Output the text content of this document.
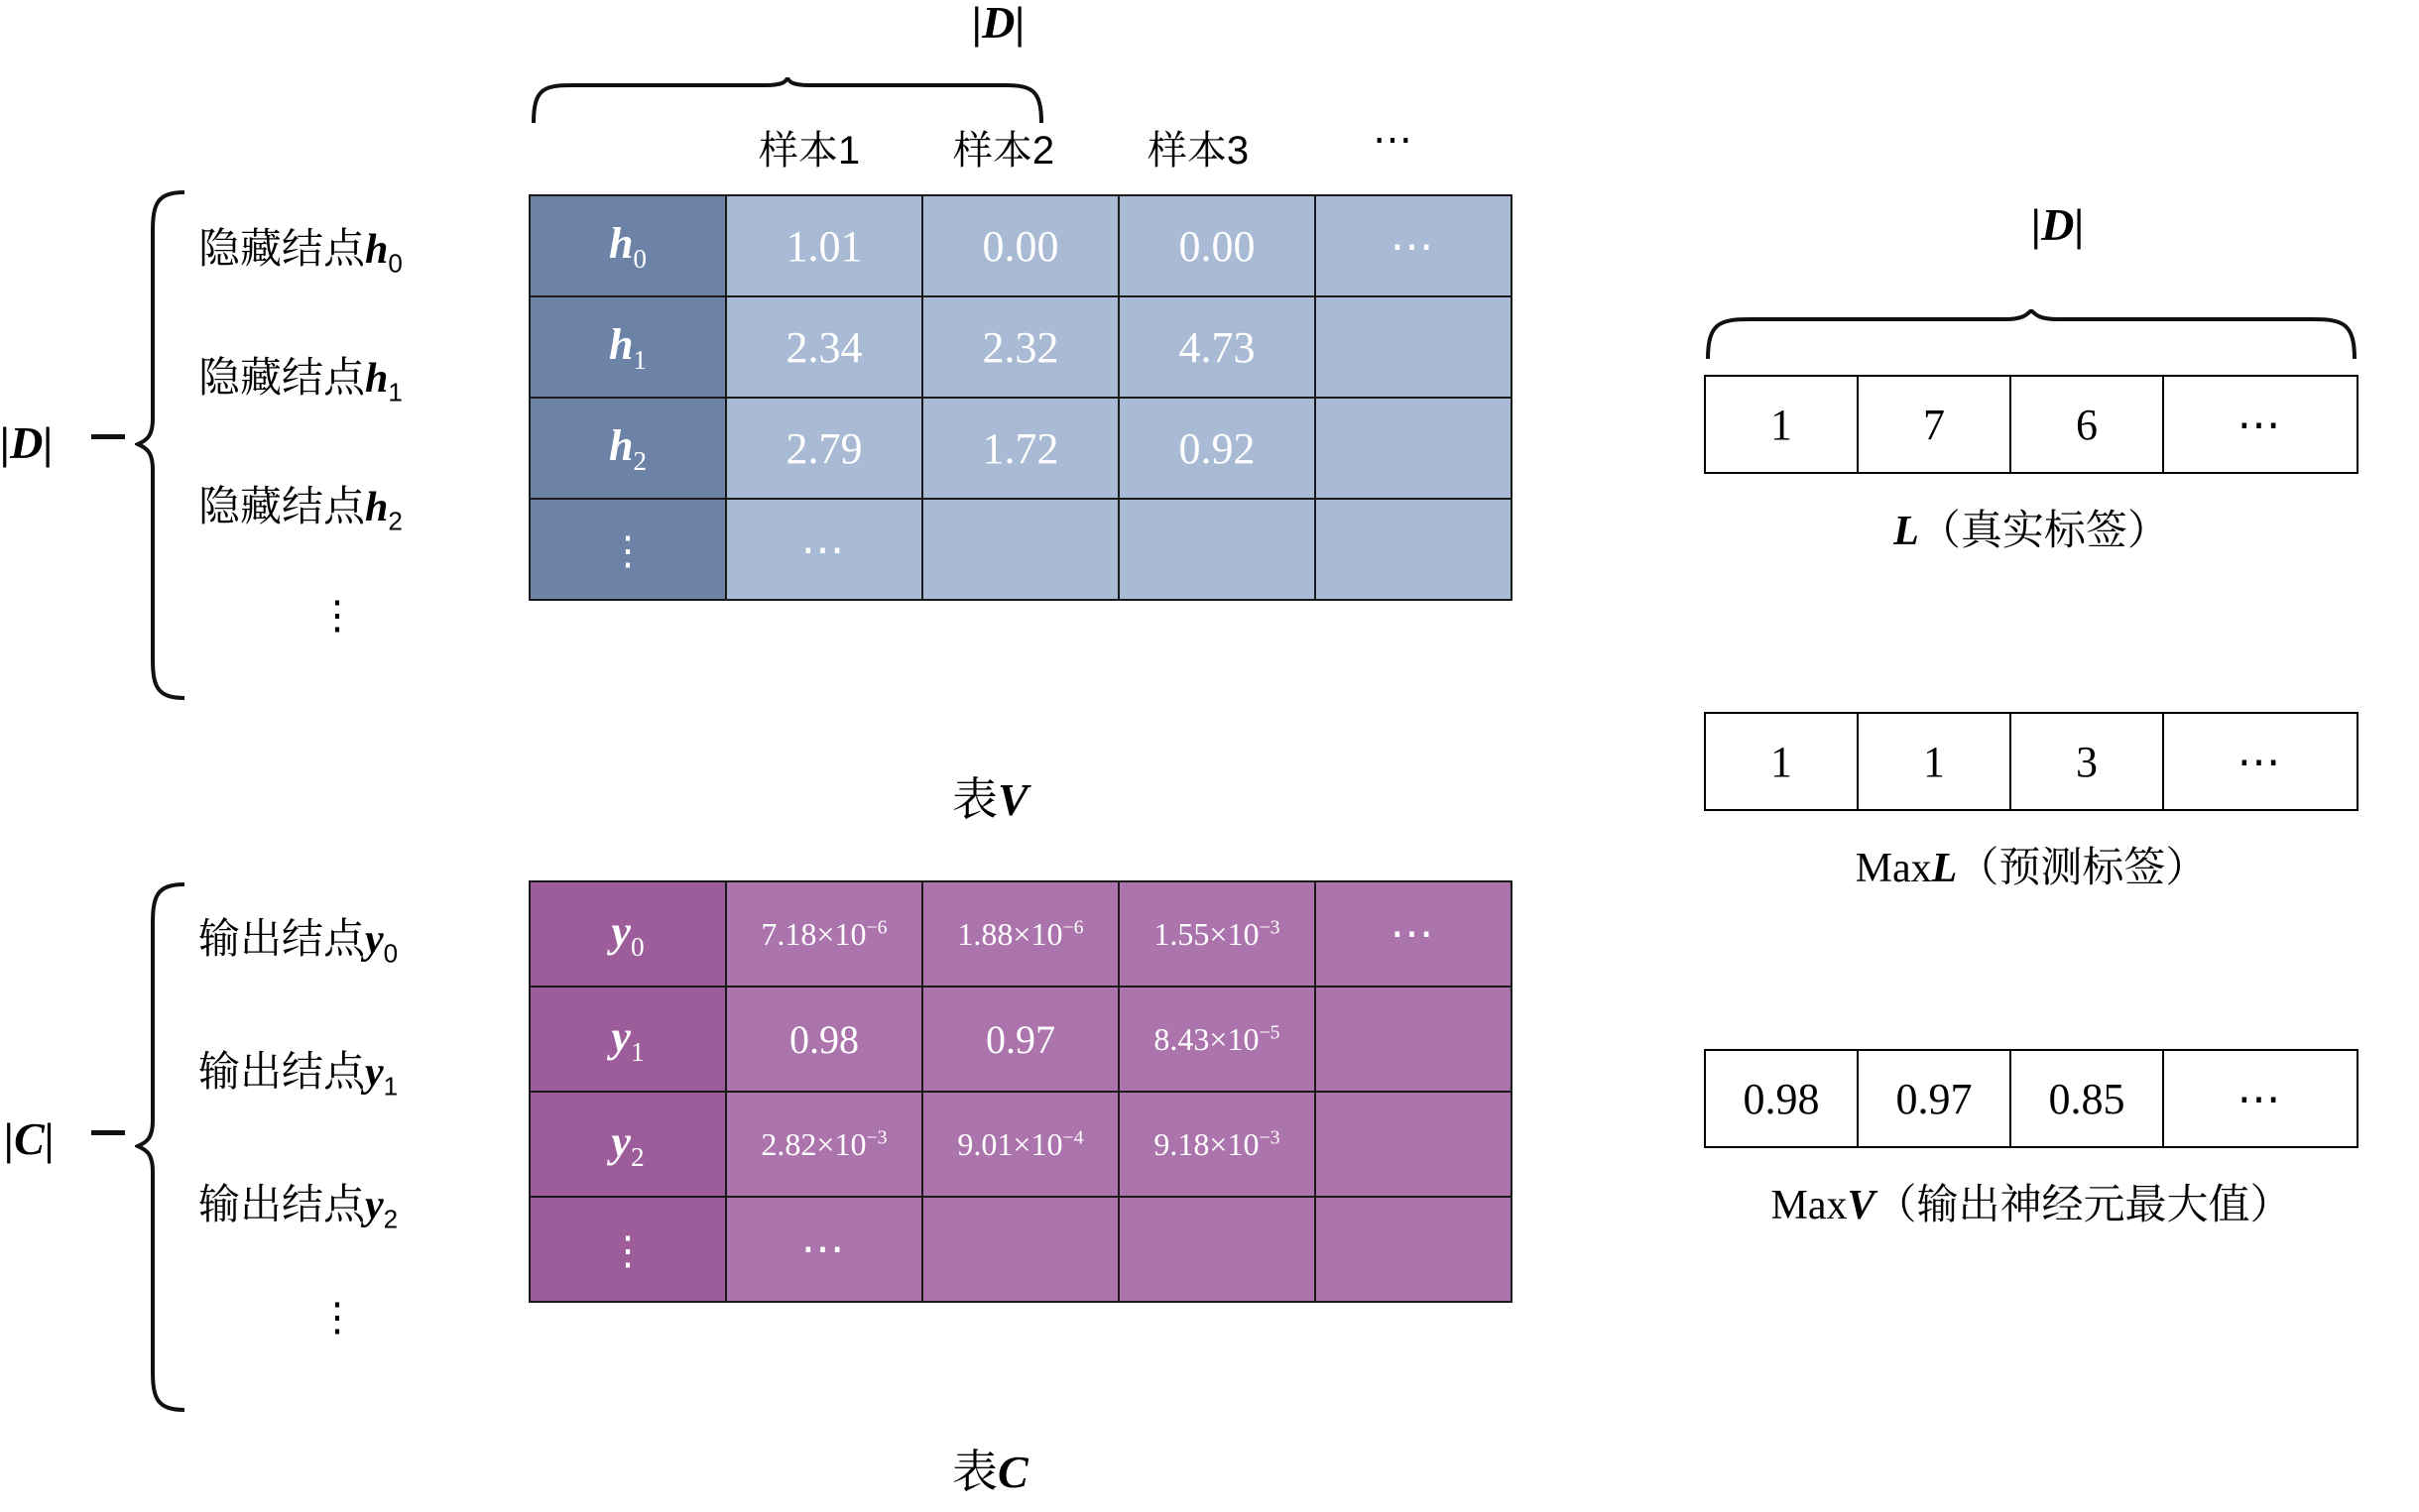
|D|
样本1	样本2	样本3	⋯
|D|
隐藏结点$h_0$
隐藏结点$h_1$
隐藏结点$h_2$
⋮
$h_0$	1.01	0.00	0.00	⋯
$h_1$	2.34	2.32	4.73	
$h_2$	2.79	1.72	0.92	
⋮	⋯			
表V
|C|
输出结点$y_0$
输出结点$y_1$
输出结点$y_2$
⋮
$y_0$	$7.18\times 10^{-6}$	$1.88\times 10^{-6}$	$1.55\times 10^{-3}$	⋯
$y_1$	0.98	0.97	$8.43\times 10^{-5}$	
$y_2$	$2.82\times 10^{-3}$	$9.01\times 10^{-4}$	$9.18\times 10^{-3}$	
⋮	⋯			
表C
|D|
1	7	6	⋯
L（真实标签）
1	1	3	⋯
MaxL（预测标签）
0.98	0.97	0.85	⋯
MaxV（输出神经元最大值）
